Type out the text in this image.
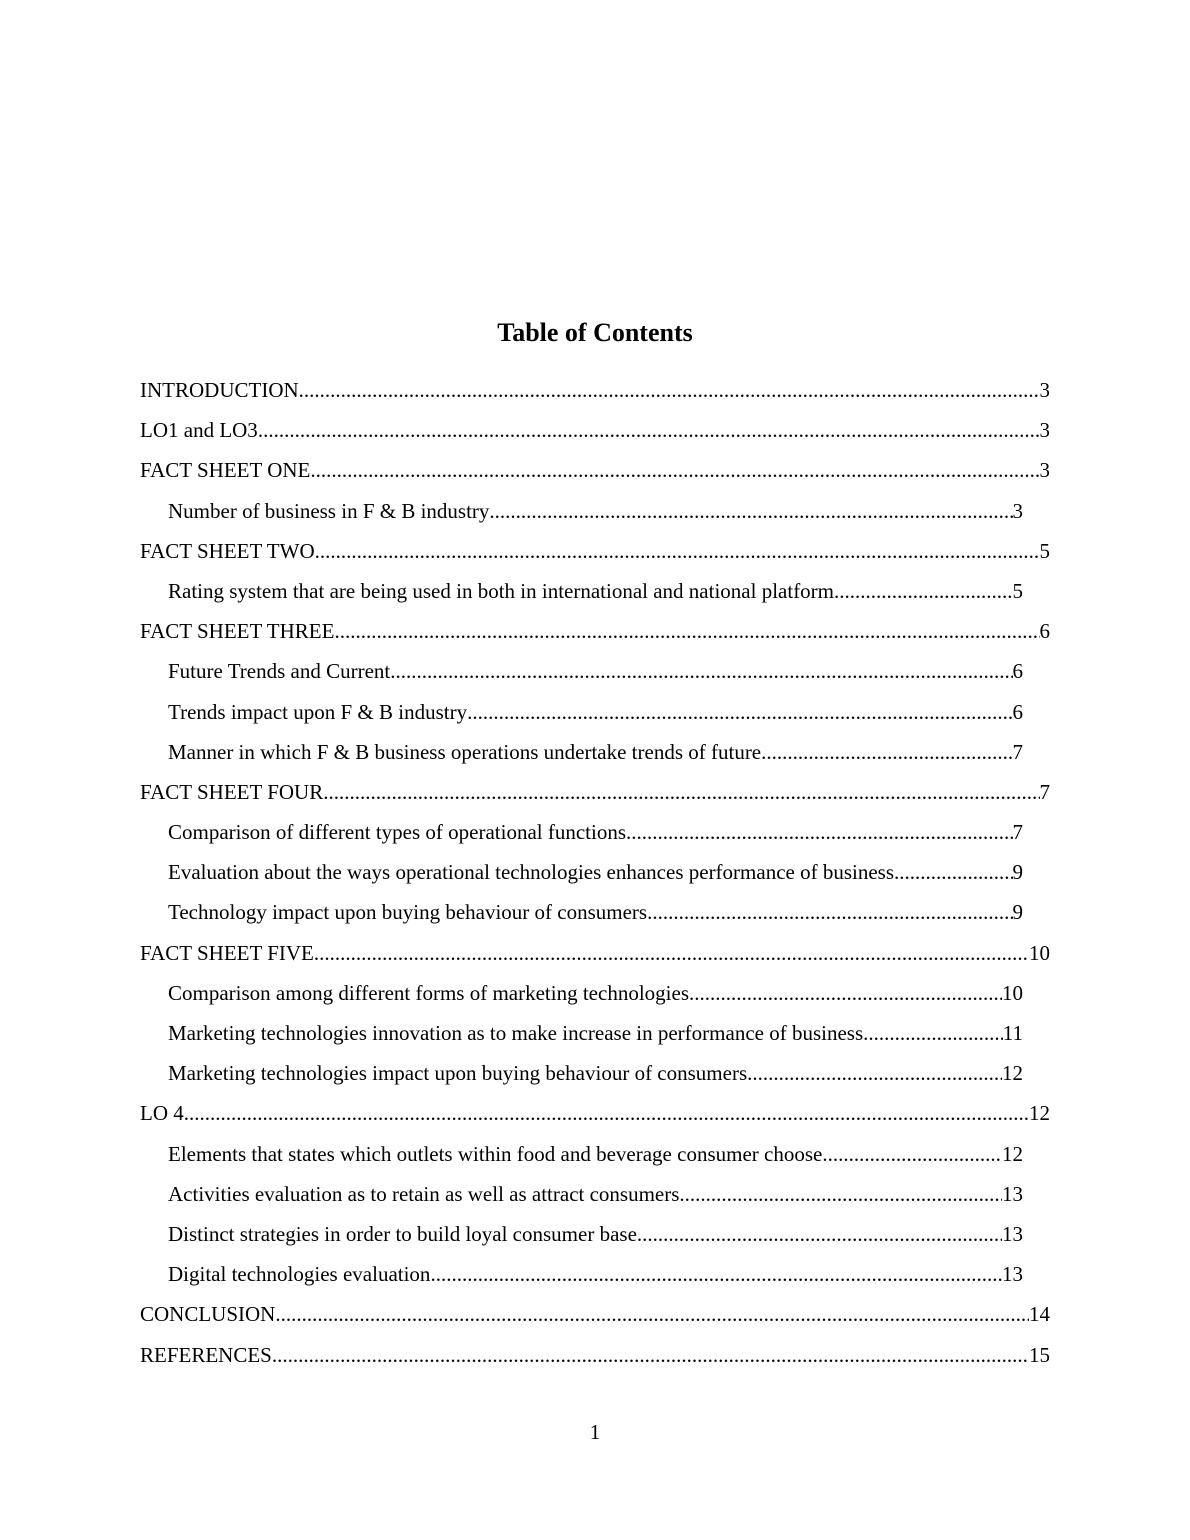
Table of Contents
INTRODUCTION .....	3
LO1 and LO3 .....	3
FACT SHEET ONE .....	3
Number of business in F & B industry .....	3
FACT SHEET TWO .....	5
Rating system that are being used in both in international and national platform .....	5
FACT SHEET THREE .....	6
Future Trends and Current .....	6
Trends impact upon F & B industry .....	6
Manner in which F & B business operations undertake trends of future .....	7
FACT SHEET FOUR .....	7
Comparison of different types of operational functions .....	7
Evaluation about the ways operational technologies enhances performance of business. .....	9
Technology impact upon buying behaviour of consumers .....	9
FACT SHEET FIVE .....	10
Comparison among different forms of marketing technologies .....	10
Marketing technologies innovation as to make increase in performance of business .....	11
Marketing technologies impact upon buying behaviour of consumers .....	12
LO 4 .....	12
Elements that states which outlets within food and beverage consumer choose .....	12
Activities evaluation as to retain as well as attract consumers .....	13
Distinct strategies in order to build loyal consumer base .....	13
Digital technologies evaluation .....	13
CONCLUSION .....	14
REFERENCES .....	15
1
